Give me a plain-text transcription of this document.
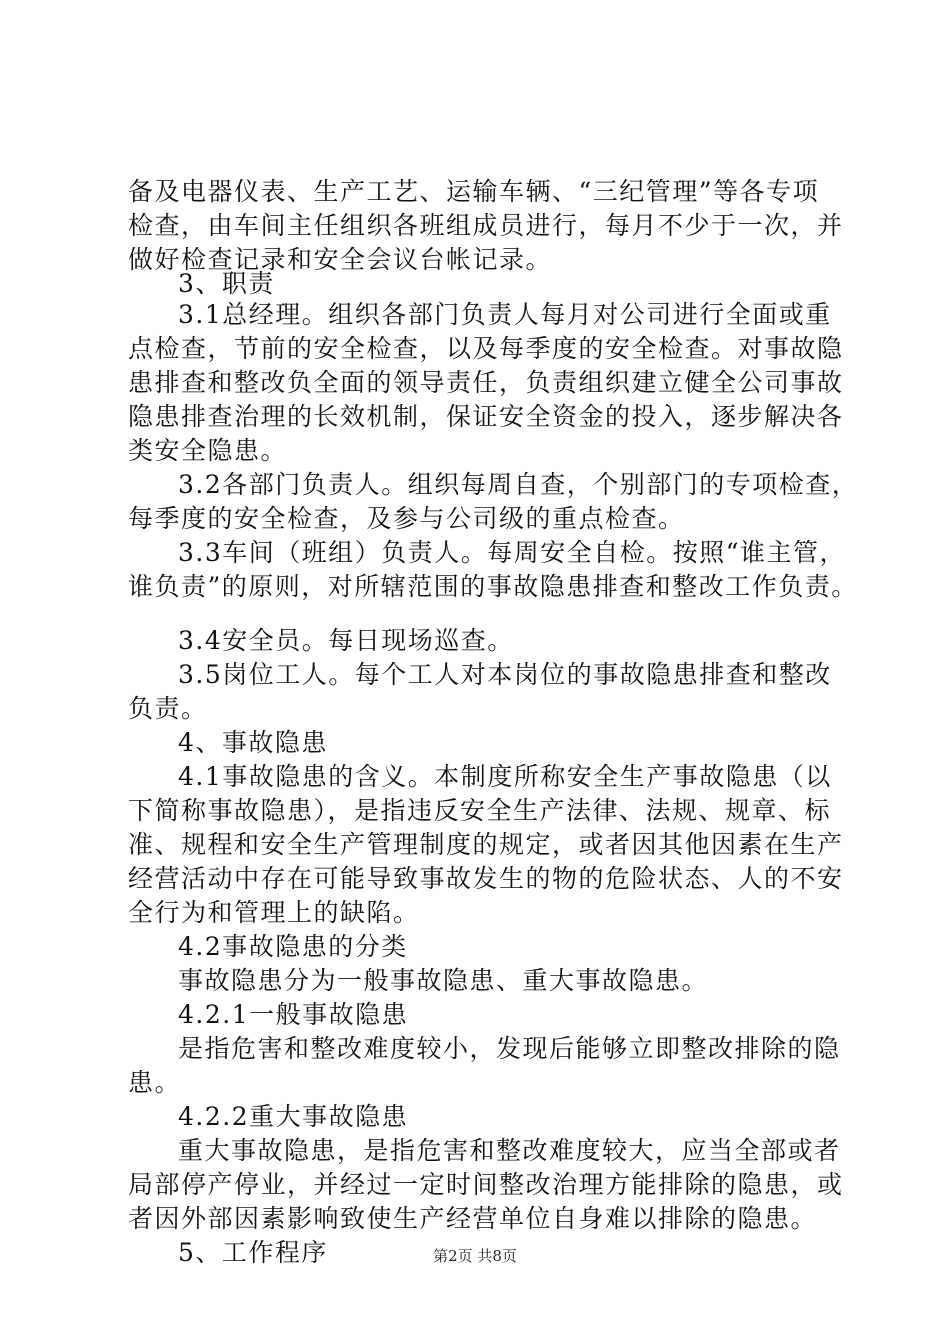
备及电器仪表、生产工艺、运输车辆、“三纪管理”等各专项
检查，由车间主任组织各班组成员进行，每月不少于一次，并
做好检查记录和安全会议台帐记录。
3、职责
3.1总经理。组织各部门负责人每月对公司进行全面或重
点检查，节前的安全检查，以及每季度的安全检查。对事故隐
患排查和整改负全面的领导责任，负责组织建立健全公司事故
隐患排查治理的长效机制，保证安全资金的投入，逐步解决各
类安全隐患。
3.2各部门负责人。组织每周自查，个别部门的专项检查，
每季度的安全检查，及参与公司级的重点检查。
3.3车间（班组）负责人。每周安全自检。按照“谁主管，
谁负责”的原则，对所辖范围的事故隐患排查和整改工作负责。
3.4安全员。每日现场巡查。
3.5岗位工人。每个工人对本岗位的事故隐患排查和整改
负责。
4、事故隐患
4.1事故隐患的含义。本制度所称安全生产事故隐患（以
下简称事故隐患），是指违反安全生产法律、法规、规章、标
准、规程和安全生产管理制度的规定，或者因其他因素在生产
经营活动中存在可能导致事故发生的物的危险状态、人的不安
全行为和管理上的缺陷。
4.2事故隐患的分类
事故隐患分为一般事故隐患、重大事故隐患。
4.2.1一般事故隐患
是指危害和整改难度较小，发现后能够立即整改排除的隐
患。
4.2.2重大事故隐患
重大事故隐患，是指危害和整改难度较大，应当全部或者
局部停产停业，并经过一定时间整改治理方能排除的隐患，或
者因外部因素影响致使生产经营单位自身难以排除的隐患。
5、工作程序	第2页 共8页
